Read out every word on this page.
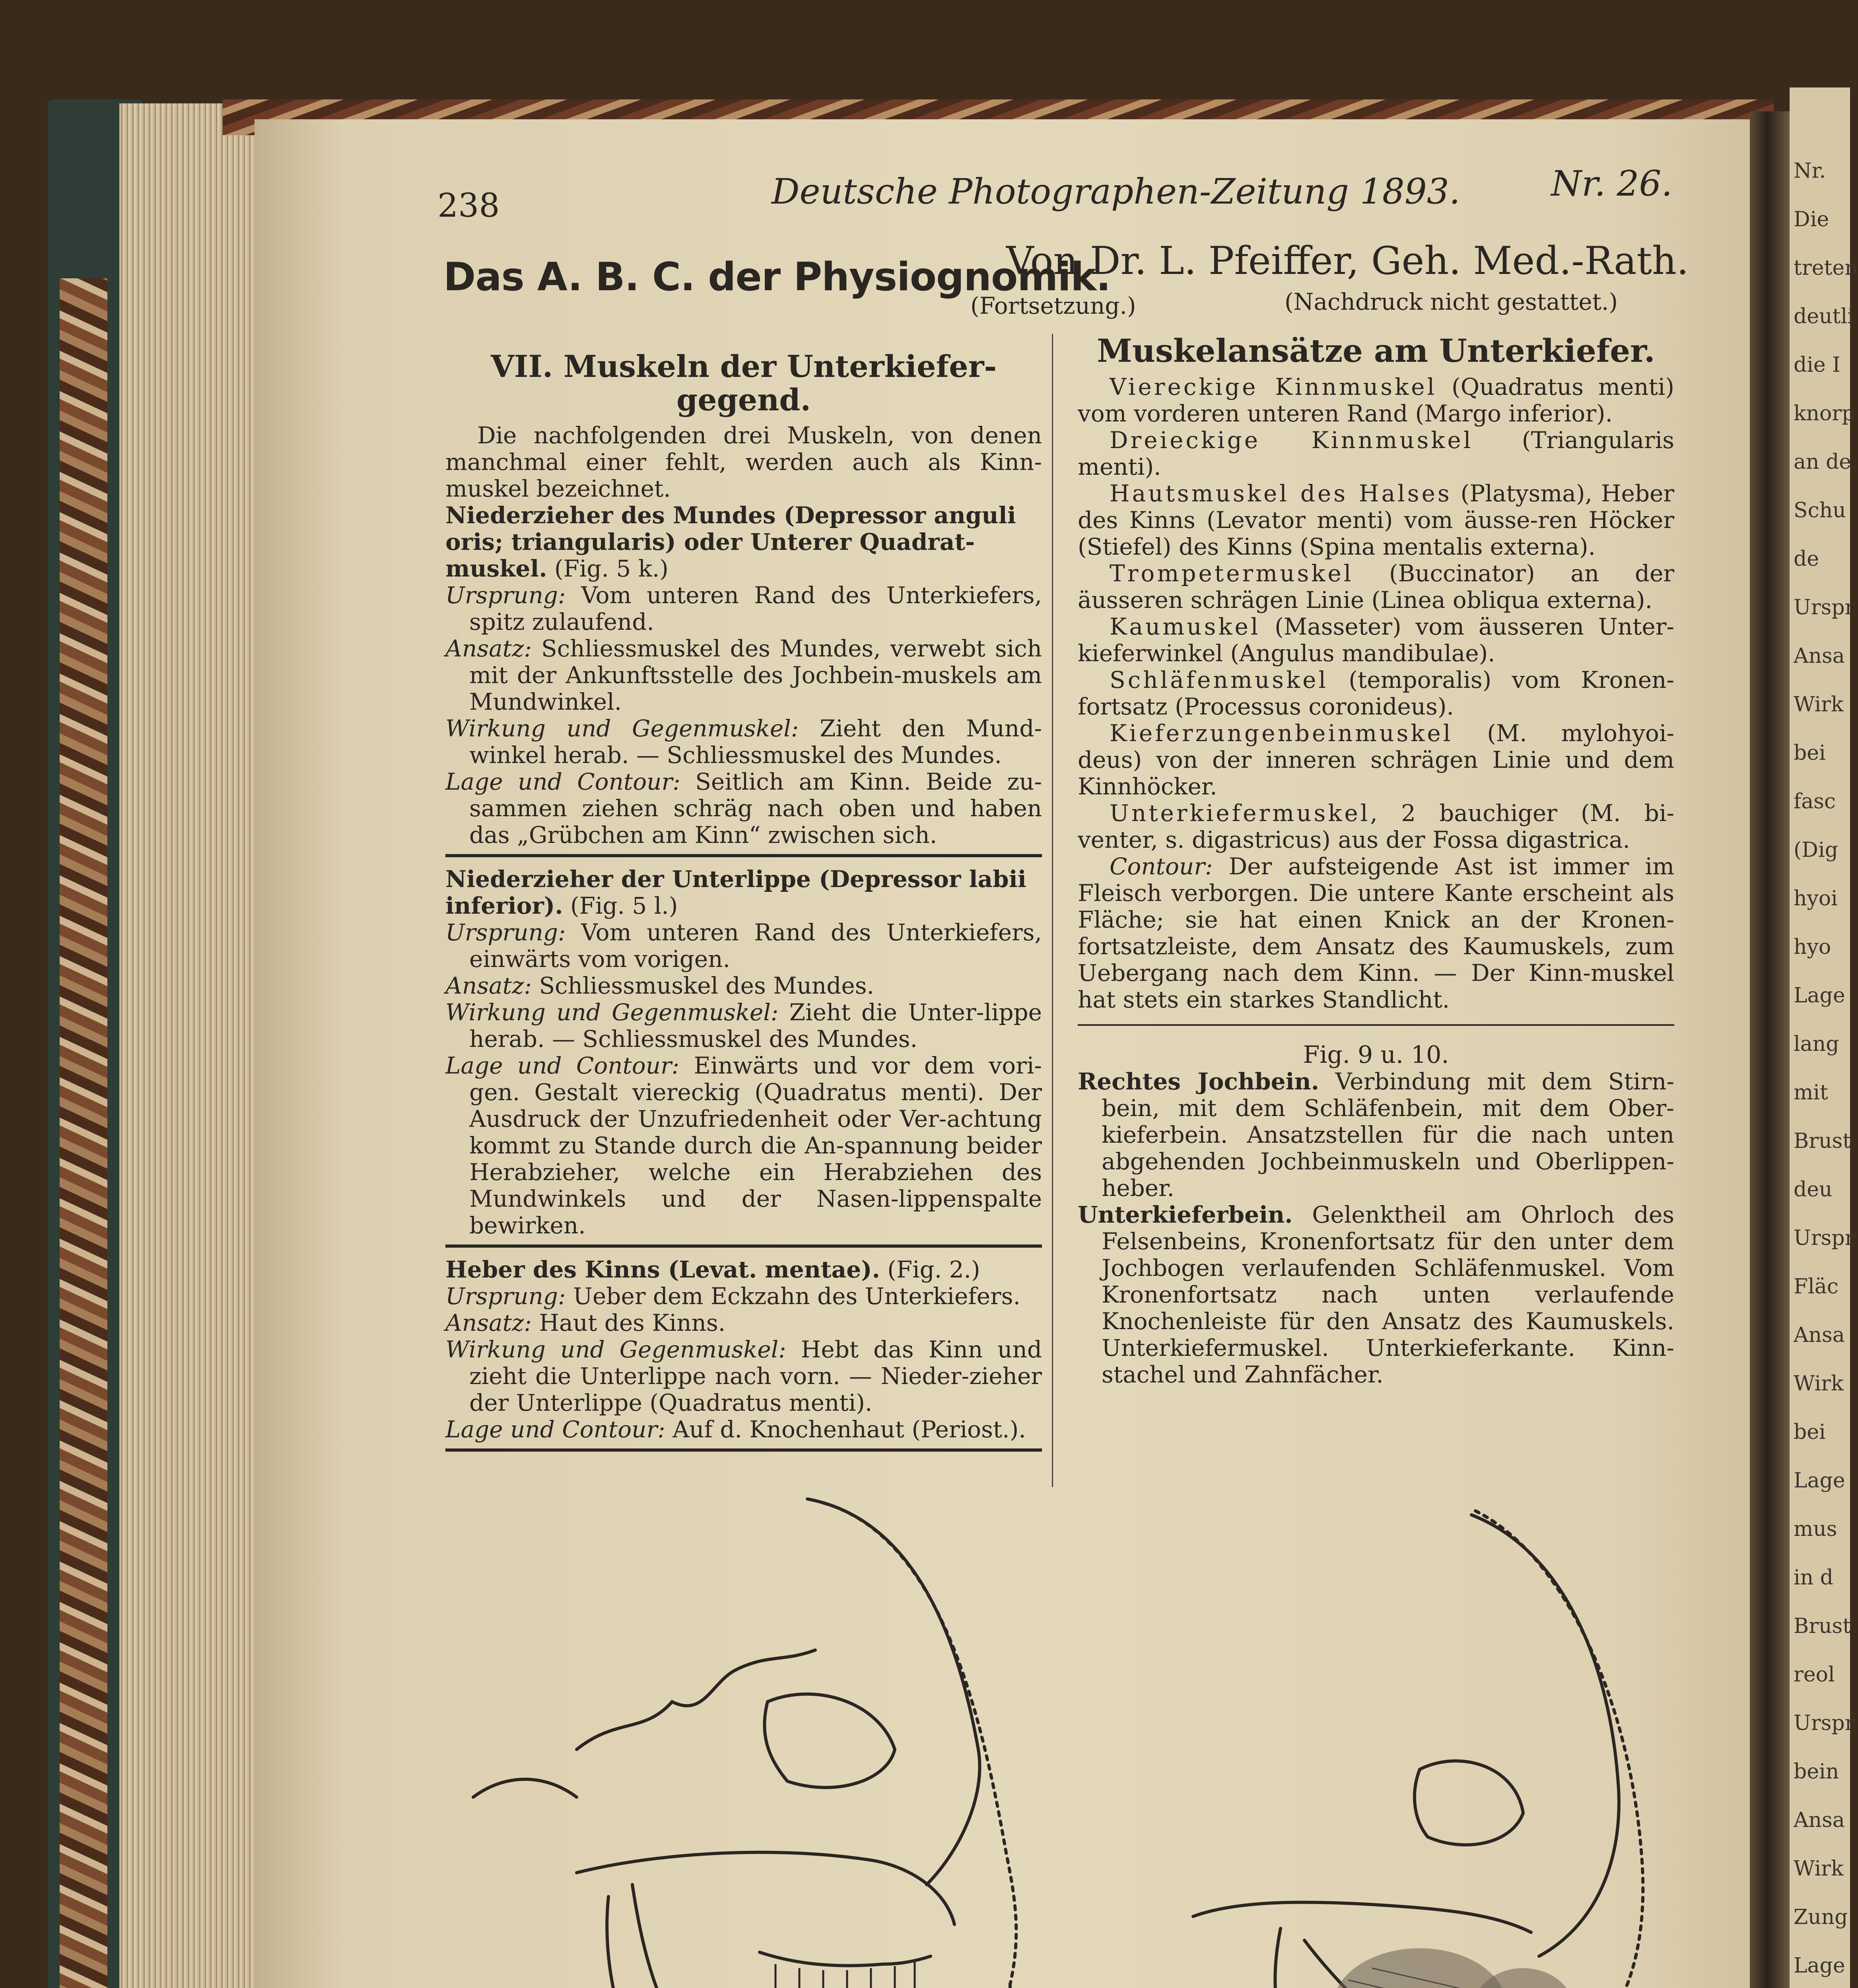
Nr.
Die
treten
deutli
die I
knorp
an de
Schu
de
Urspr
Ansa
Wirk
bei
fasc
(Dig
hyoi
hyo
Lage
lang
mit
Brust
deu
Urspr
Fläc
Ansa
Wirk
bei
Lage
mus
in d
Brust
reol
Urspr
bein
Ansa
Wirk
Zung
Lage
238	Deutsche Photographen-Zeitung 1893.	Nr. 26.
Das A. B. C. der Physiognomik.
Von Dr. L. Pfeiffer, Geh. Med.-Rath.
(Fortsetzung.)	(Nachdruck nicht gestattet.)
VII. Muskeln der Unterkiefer-
gegend.

Die nachfolgenden drei Muskeln, von denen manchmal einer fehlt, werden auch als Kinn-muskel bezeichnet.

Niederzieher des Mundes (Depressor anguli oris; triangularis) oder Unterer Quadrat-muskel. (Fig. 5 k.)

Ursprung: Vom unteren Rand des Unterkiefers, spitz zulaufend.

Ansatz: Schliessmuskel des Mundes, verwebt sich mit der Ankunftsstelle des Jochbein-muskels am Mundwinkel.

Wirkung und Gegenmuskel: Zieht den Mund-winkel herab. — Schliessmuskel des Mundes.

Lage und Contour: Seitlich am Kinn. Beide zu-sammen ziehen schräg nach oben und haben das „Grübchen am Kinn“ zwischen sich.

Niederzieher der Unterlippe (Depressor labii inferior). (Fig. 5 l.)

Ursprung: Vom unteren Rand des Unterkiefers, einwärts vom vorigen.

Ansatz: Schliessmuskel des Mundes.

Wirkung und Gegenmuskel: Zieht die Unter-lippe herab. — Schliessmuskel des Mundes.

Lage und Contour: Einwärts und vor dem vori-gen. Gestalt viereckig (Quadratus menti). Der Ausdruck der Unzufriedenheit oder Ver-achtung kommt zu Stande durch die An-spannung beider Herabzieher, welche ein Herabziehen des Mundwinkels und der Nasen-lippenspalte bewirken.

Heber des Kinns (Levat. mentae). (Fig. 2.)

Ursprung: Ueber dem Eckzahn des Unterkiefers.

Ansatz: Haut des Kinns.

Wirkung und Gegenmuskel: Hebt das Kinn und zieht die Unterlippe nach vorn. — Nieder-zieher der Unterlippe (Quadratus menti).

Lage und Contour: Auf d. Knochenhaut (Periost.).

Muskelansätze am Unterkiefer.

Viereckige Kinnmuskel (Quadratus menti) vom vorderen unteren Rand (Margo inferior).

Dreieckige Kinnmuskel (Triangularis menti).

Hautsmuskel des Halses (Platysma), Heber des Kinns (Levator menti) vom äusse-ren Höcker (Stiefel) des Kinns (Spina mentalis externa).

Trompetermuskel (Buccinator) an der äusseren schrägen Linie (Linea obliqua externa).

Kaumuskel (Masseter) vom äusseren Unter-kieferwinkel (Angulus mandibulae).

Schläfenmuskel (temporalis) vom Kronen-fortsatz (Processus coronideus).

Kieferzungenbeinmuskel (M. mylohyoi-deus) von der inneren schrägen Linie und dem Kinnhöcker.

Unterkiefermuskel, 2 bauchiger (M. bi-venter, s. digastricus) aus der Fossa digastrica.

Contour: Der aufsteigende Ast ist immer im Fleisch verborgen. Die untere Kante erscheint als Fläche; sie hat einen Knick an der Kronen-fortsatzleiste, dem Ansatz des Kaumuskels, zum Uebergang nach dem Kinn. — Der Kinn-muskel hat stets ein starkes Standlicht.

Fig. 9 u. 10.

Rechtes Jochbein. Verbindung mit dem Stirn-bein, mit dem Schläfenbein, mit dem Ober-kieferbein. Ansatzstellen für die nach unten abgehenden Jochbeinmuskeln und Oberlippen-heber.

Unterkieferbein. Gelenktheil am Ohrloch des Felsenbeins, Kronenfortsatz für den unter dem Jochbogen verlaufenden Schläfenmuskel. Vom Kronenfortsatz nach unten verlaufende Knochenleiste für den Ansatz des Kaumuskels. Unterkiefermuskel. Unterkieferkante. Kinn-stachel und Zahnfächer.
